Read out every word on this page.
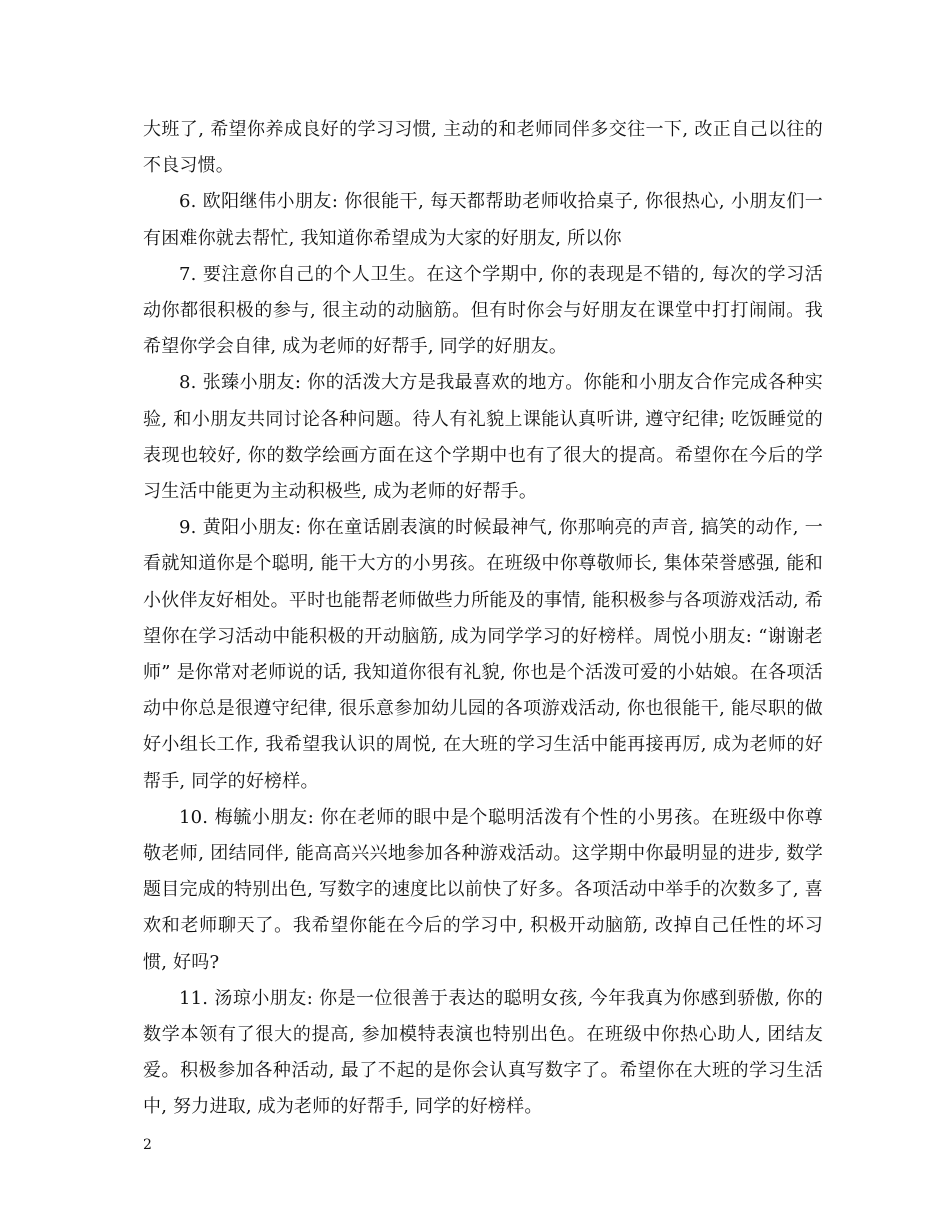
大班了, 希望你养成良好的学习习惯, 主动的和老师同伴多交往一下, 改正自己以往的不良习惯。

6. 欧阳继伟小朋友: 你很能干, 每天都帮助老师收拾桌子, 你很热心, 小朋友们一有困难你就去帮忙, 我知道你希望成为大家的好朋友, 所以你

7. 要注意你自己的个人卫生。在这个学期中, 你的表现是不错的, 每次的学习活动你都很积极的参与, 很主动的动脑筋。但有时你会与好朋友在课堂中打打闹闹。我希望你学会自律, 成为老师的好帮手, 同学的好朋友。

8. 张臻小朋友: 你的活泼大方是我最喜欢的地方。你能和小朋友合作完成各种实验, 和小朋友共同讨论各种问题。待人有礼貌上课能认真听讲, 遵守纪律; 吃饭睡觉的表现也较好, 你的数学绘画方面在这个学期中也有了很大的提高。希望你在今后的学习生活中能更为主动积极些, 成为老师的好帮手。

9. 黄阳小朋友: 你在童话剧表演的时候最神气, 你那响亮的声音, 搞笑的动作, 一看就知道你是个聪明, 能干大方的小男孩。在班级中你尊敬师长, 集体荣誉感强, 能和小伙伴友好相处。平时也能帮老师做些力所能及的事情, 能积极参与各项游戏活动, 希望你在学习活动中能积极的开动脑筋, 成为同学学习的好榜样。周悦小朋友: “谢谢老师” 是你常对老师说的话, 我知道你很有礼貌, 你也是个活泼可爱的小姑娘。在各项活动中你总是很遵守纪律, 很乐意参加幼儿园的各项游戏活动, 你也很能干, 能尽职的做好小组长工作, 我希望我认识的周悦, 在大班的学习生活中能再接再厉, 成为老师的好帮手, 同学的好榜样。

10. 梅毓小朋友: 你在老师的眼中是个聪明活泼有个性的小男孩。在班级中你尊敬老师, 团结同伴, 能高高兴兴地参加各种游戏活动。这学期中你最明显的进步, 数学题目完成的特别出色, 写数字的速度比以前快了好多。各项活动中举手的次数多了, 喜欢和老师聊天了。我希望你能在今后的学习中, 积极开动脑筋, 改掉自己任性的坏习惯, 好吗?

11. 汤琼小朋友: 你是一位很善于表达的聪明女孩, 今年我真为你感到骄傲, 你的数学本领有了很大的提高, 参加模特表演也特别出色。在班级中你热心助人, 团结友爱。积极参加各种活动, 最了不起的是你会认真写数字了。希望你在大班的学习生活中, 努力进取, 成为老师的好帮手, 同学的好榜样。

2
